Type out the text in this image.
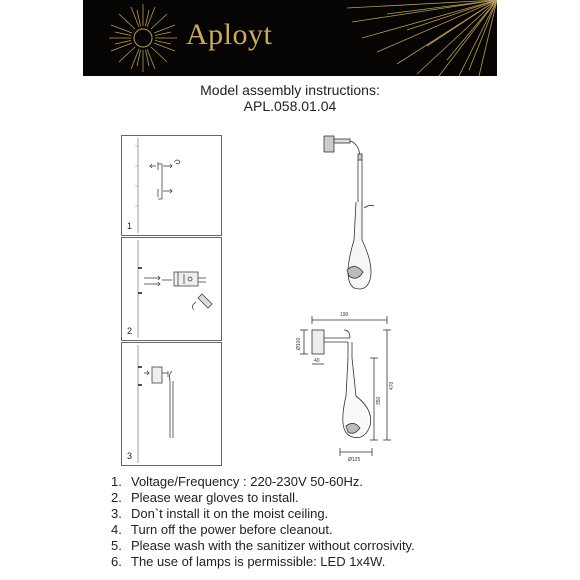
Aployt
Model assembly instructions:
APL.058.01.04
1
2
3
190
Ø100
40
470
350
Ø125
1. Voltage/Frequency : 220-230V 50-60Hz.
2. Please wear gloves to install.
3. Don`t install it on the moist ceiling.
4. Turn off the power before cleanout.
5. Please wash with the sanitizer without corrosivity.
6. The use of lamps is permissible: LED 1x4W.
